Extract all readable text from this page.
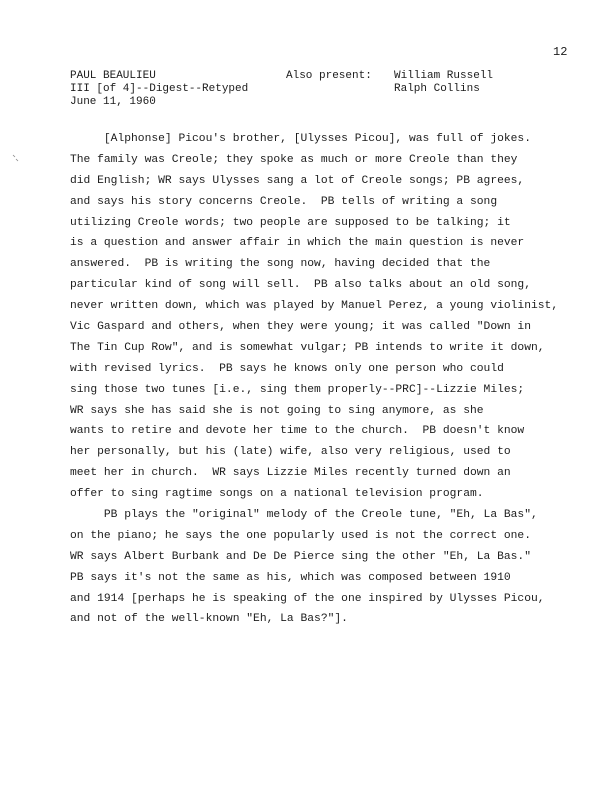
12
PAUL BEAULIEU
III [of 4]--Digest--Retyped
June 11, 1960
Also present: William Russell
Ralph Collins
[Alphonse] Picou's brother, [Ulysses Picou], was full of jokes.
The family was Creole; they spoke as much or more Creole than they
did English; WR says Ulysses sang a lot of Creole songs; PB agrees,
and says his story concerns Creole.  PB tells of writing a song
utilizing Creole words; two people are supposed to be talking; it
is a question and answer affair in which the main question is never
answered.  PB is writing the song now, having decided that the
particular kind of song will sell.  PB also talks about an old song,
never written down, which was played by Manuel Perez, a young violinist,
Vic Gaspard and others, when they were young; it was called "Down in
The Tin Cup Row", and is somewhat vulgar; PB intends to write it down,
with revised lyrics.  PB says he knows only one person who could
sing those two tunes [i.e., sing them properly--PRC]--Lizzie Miles;
WR says she has said she is not going to sing anymore, as she
wants to retire and devote her time to the church.  PB doesn't know
her personally, but his (late) wife, also very religious, used to
meet her in church.  WR says Lizzie Miles recently turned down an
offer to sing ragtime songs on a national television program.
PB plays the "original" melody of the Creole tune, "Eh, La Bas",
on the piano; he says the one popularly used is not the correct one.
WR says Albert Burbank and De De Pierce sing the other "Eh, La Bas."
PB says it's not the same as his, which was composed between 1910
and 1914 [perhaps he is speaking of the one inspired by Ulysses Picou,
and not of the well-known "Eh, La Bas?"].
